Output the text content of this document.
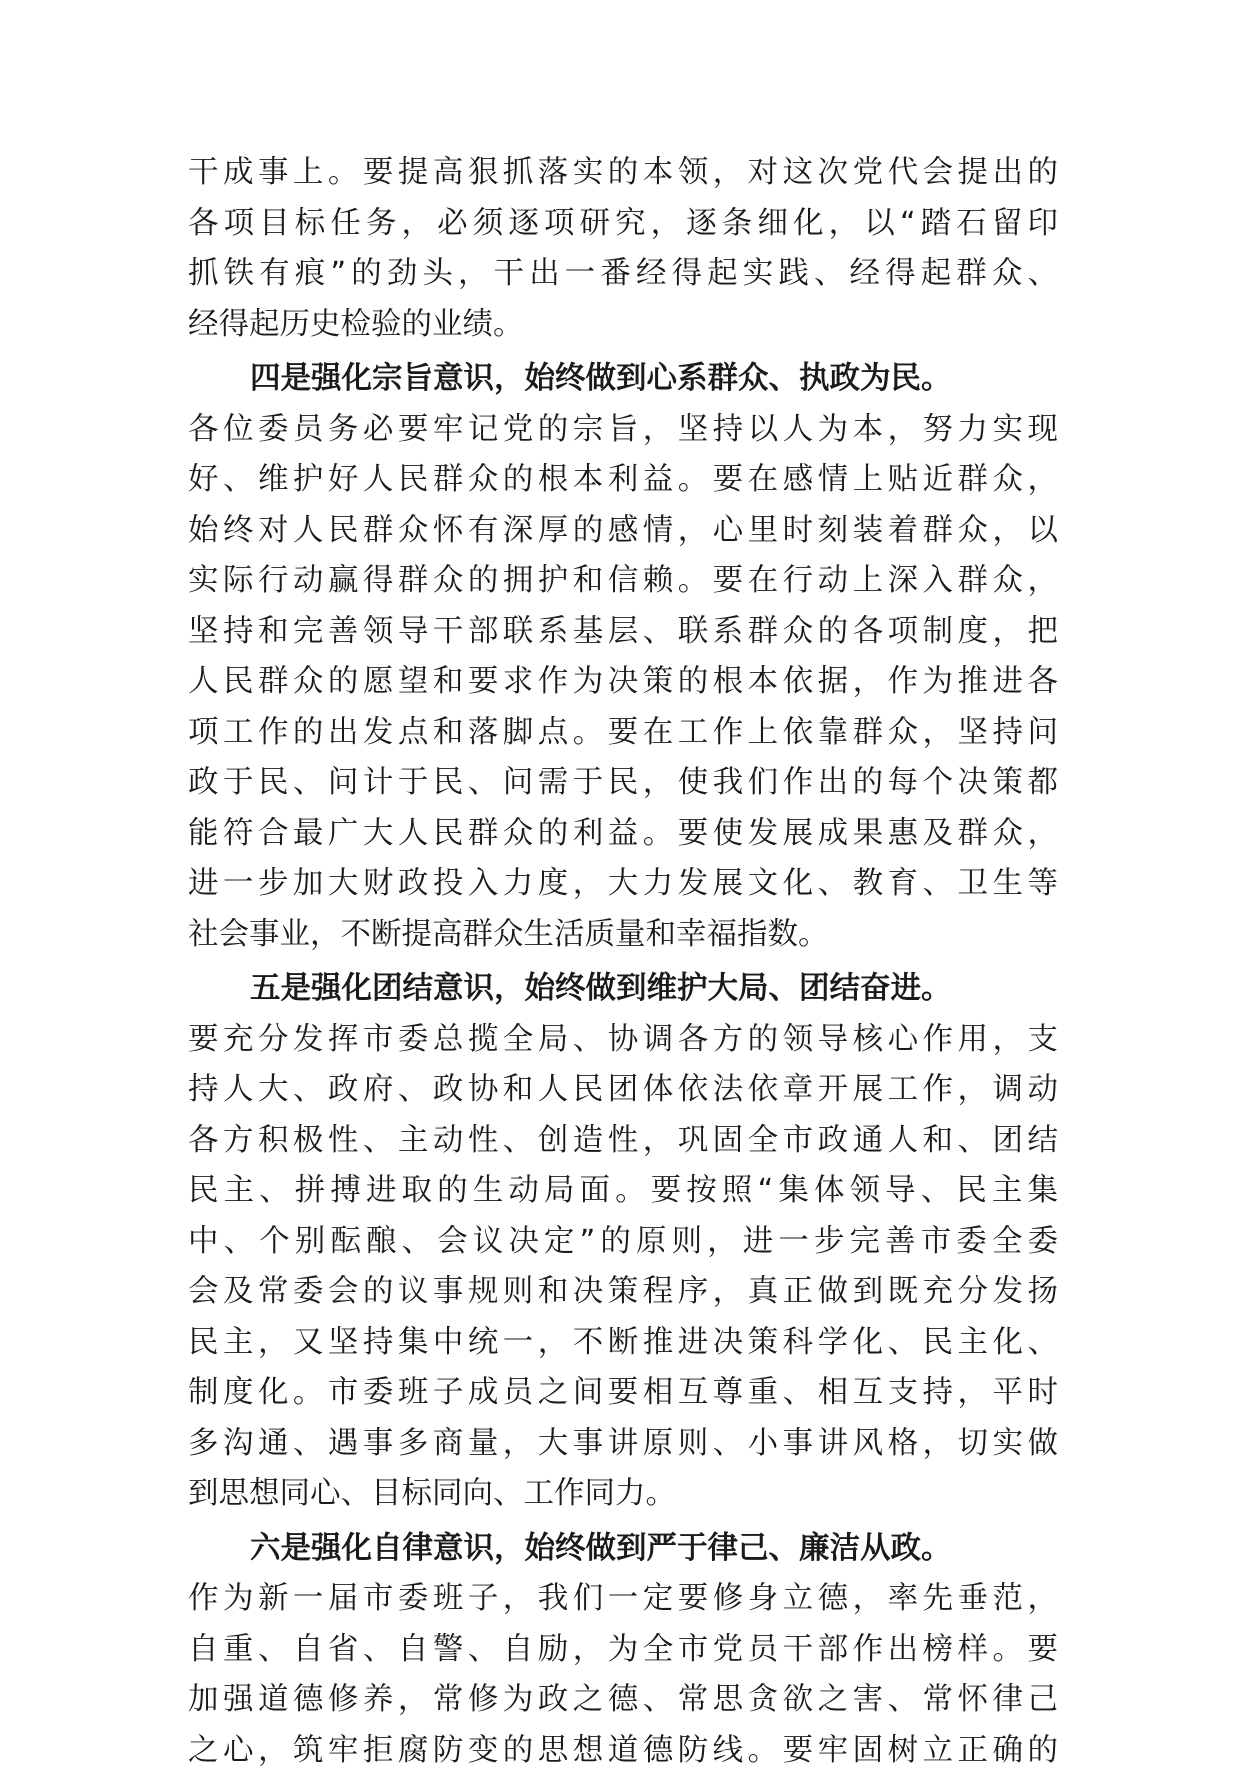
干成事上。要提高狠抓落实的本领，对这次党代会提出的
各项目标任务，必须逐项研究，逐条细化，以“踏石留印
抓铁有痕”的劲头，干出一番经得起实践、经得起群众、
经得起历史检验的业绩。
四是强化宗旨意识，始终做到心系群众、执政为民。
各位委员务必要牢记党的宗旨，坚持以人为本，努力实现
好、维护好人民群众的根本利益。要在感情上贴近群众，
始终对人民群众怀有深厚的感情，心里时刻装着群众，以
实际行动赢得群众的拥护和信赖。要在行动上深入群众，
坚持和完善领导干部联系基层、联系群众的各项制度，把
人民群众的愿望和要求作为决策的根本依据，作为推进各
项工作的出发点和落脚点。要在工作上依靠群众，坚持问
政于民、问计于民、问需于民，使我们作出的每个决策都
能符合最广大人民群众的利益。要使发展成果惠及群众，
进一步加大财政投入力度，大力发展文化、教育、卫生等
社会事业，不断提高群众生活质量和幸福指数。
五是强化团结意识，始终做到维护大局、团结奋进。
要充分发挥市委总揽全局、协调各方的领导核心作用，支
持人大、政府、政协和人民团体依法依章开展工作，调动
各方积极性、主动性、创造性，巩固全市政通人和、团结
民主、拼搏进取的生动局面。要按照“集体领导、民主集
中、个别酝酿、会议决定”的原则，进一步完善市委全委
会及常委会的议事规则和决策程序，真正做到既充分发扬
民主，又坚持集中统一，不断推进决策科学化、民主化、
制度化。市委班子成员之间要相互尊重、相互支持，平时
多沟通、遇事多商量，大事讲原则、小事讲风格，切实做
到思想同心、目标同向、工作同力。
六是强化自律意识，始终做到严于律己、廉洁从政。
作为新一届市委班子，我们一定要修身立德，率先垂范，
自重、自省、自警、自励，为全市党员干部作出榜样。要
加强道德修养，常修为政之德、常思贪欲之害、常怀律己
之心，筑牢拒腐防变的思想道德防线。要牢固树立正确的
